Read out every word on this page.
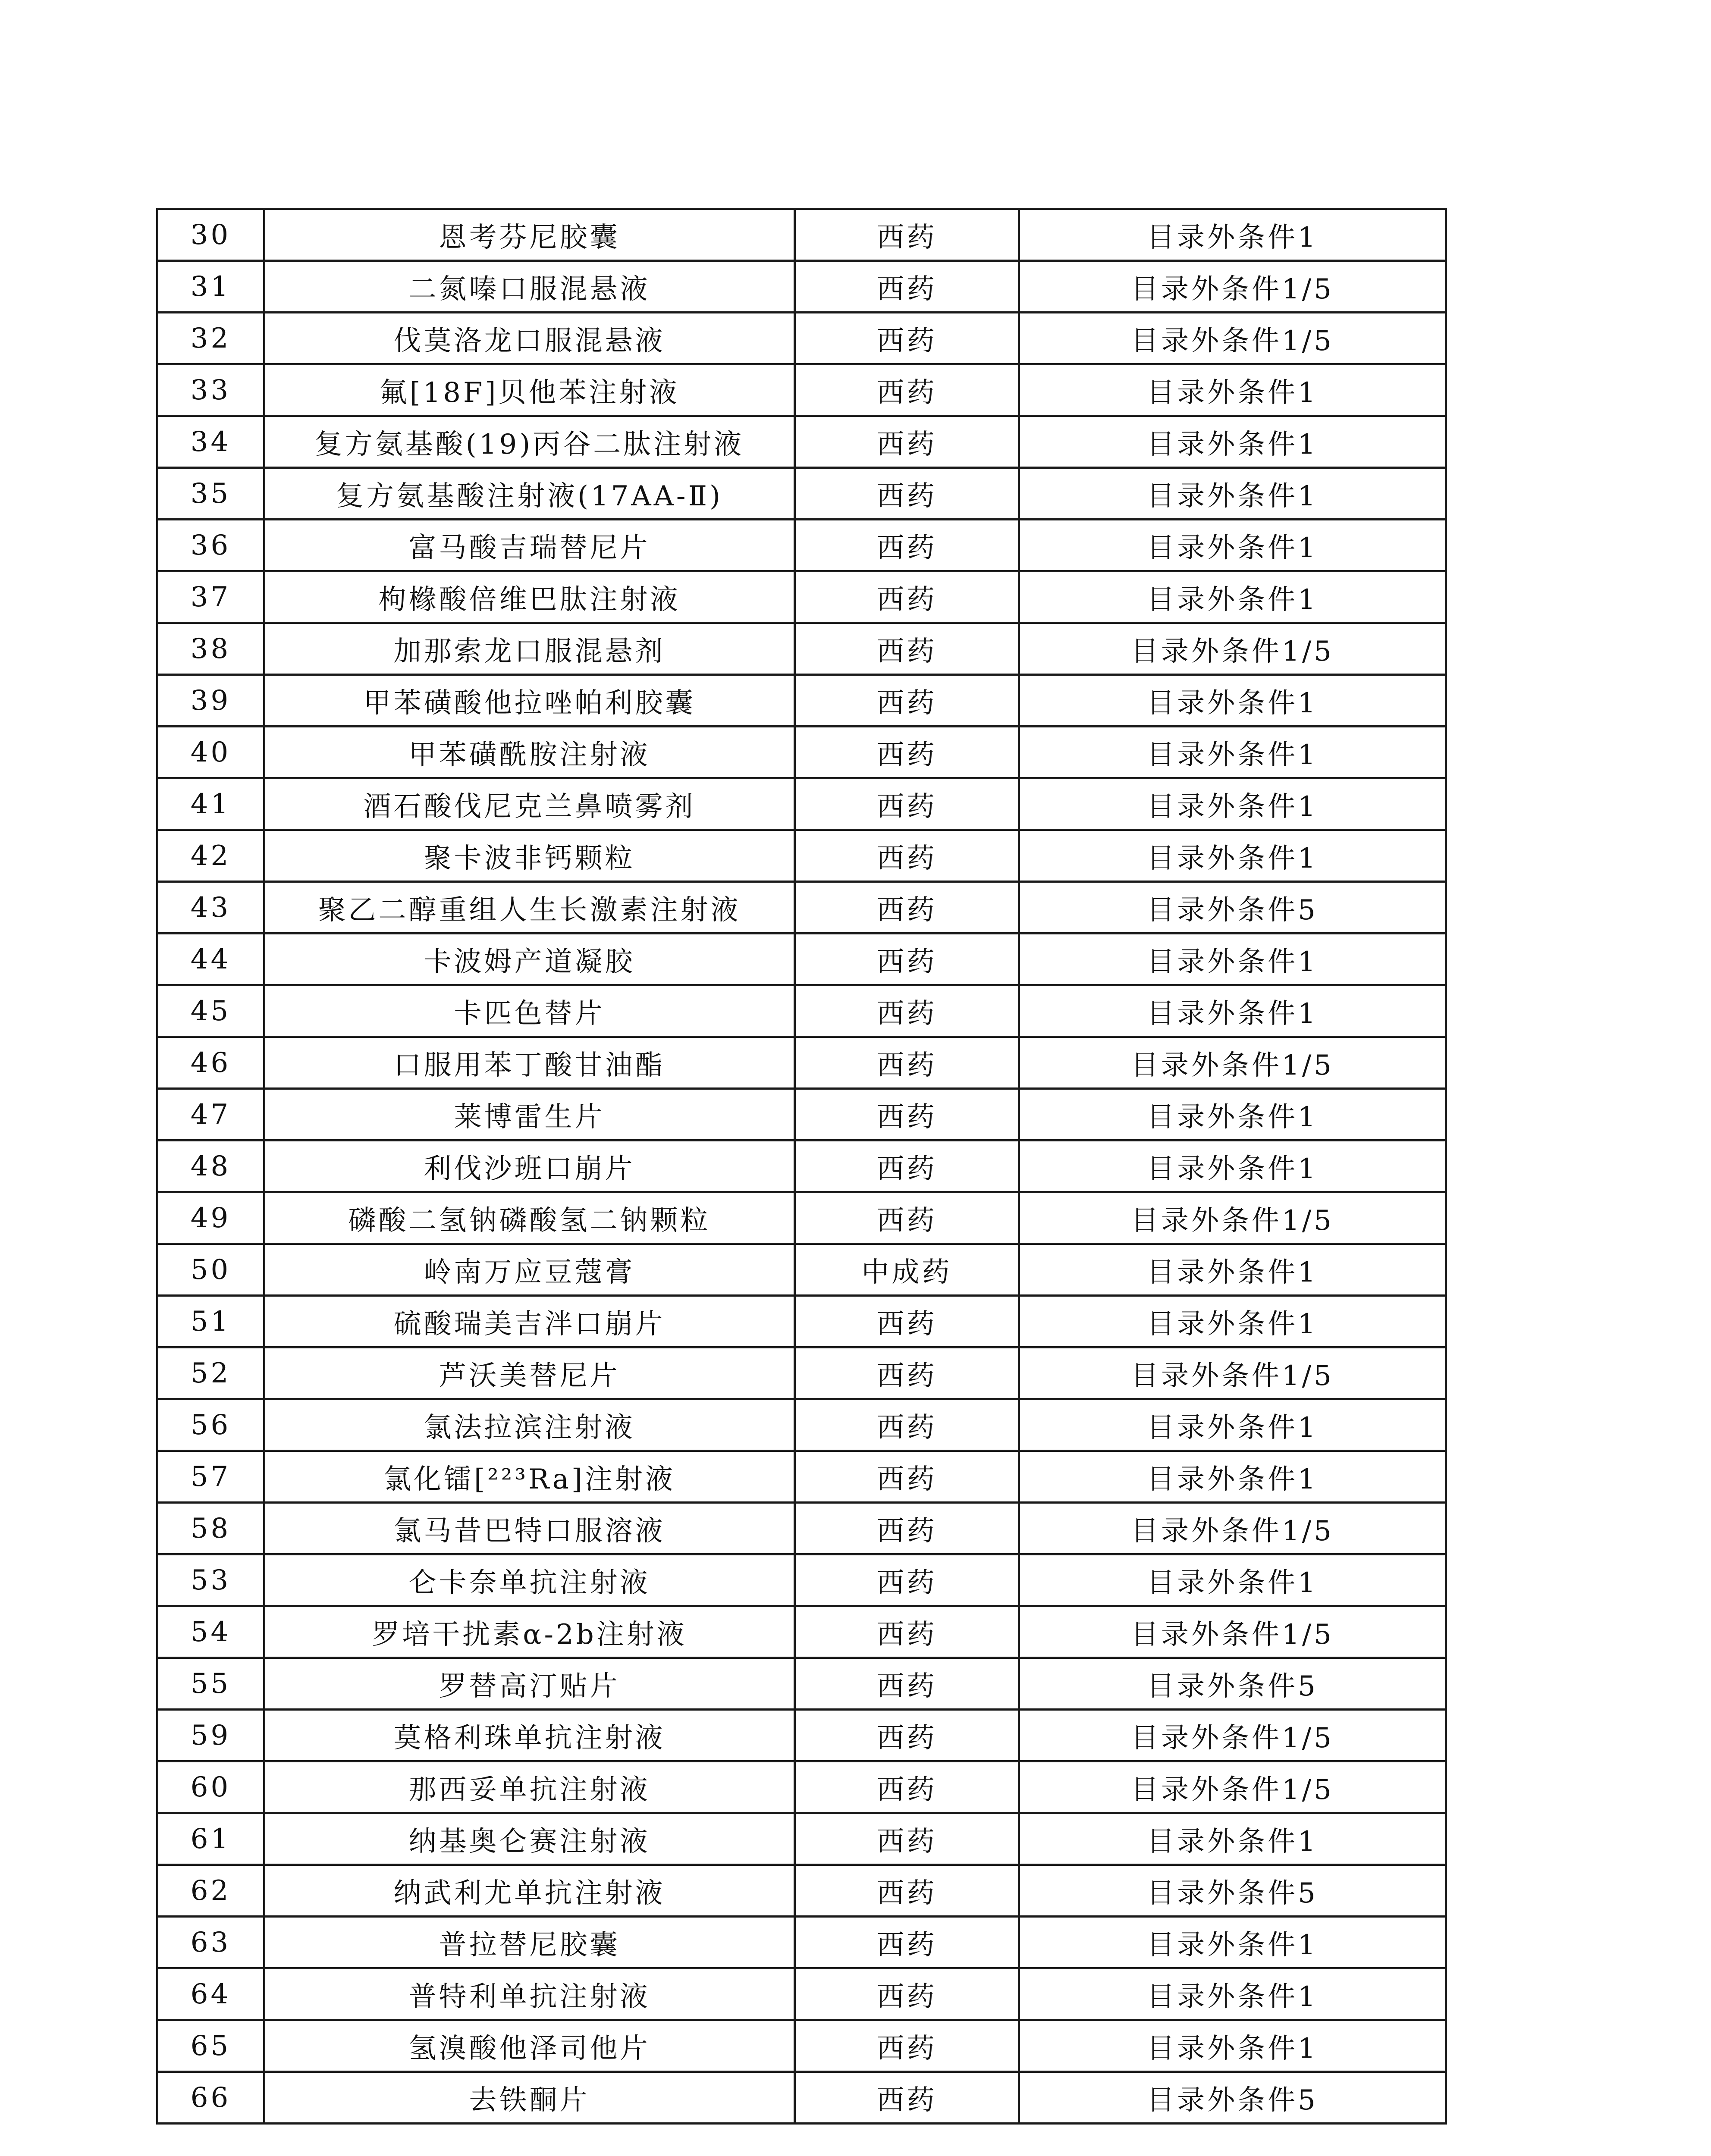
30	恩考芬尼胶囊	西药	目录外条件1
31	二氮嗪口服混悬液	西药	目录外条件1/5
32	伐莫洛龙口服混悬液	西药	目录外条件1/5
33	氟[18F]贝他苯注射液	西药	目录外条件1
34	复方氨基酸(19)丙谷二肽注射液	西药	目录外条件1
35	复方氨基酸注射液(17AA-Ⅱ)	西药	目录外条件1
36	富马酸吉瑞替尼片	西药	目录外条件1
37	枸橼酸倍维巴肽注射液	西药	目录外条件1
38	加那索龙口服混悬剂	西药	目录外条件1/5
39	甲苯磺酸他拉唑帕利胶囊	西药	目录外条件1
40	甲苯磺酰胺注射液	西药	目录外条件1
41	酒石酸伐尼克兰鼻喷雾剂	西药	目录外条件1
42	聚卡波非钙颗粒	西药	目录外条件1
43	聚乙二醇重组人生长激素注射液	西药	目录外条件5
44	卡波姆产道凝胶	西药	目录外条件1
45	卡匹色替片	西药	目录外条件1
46	口服用苯丁酸甘油酯	西药	目录外条件1/5
47	莱博雷生片	西药	目录外条件1
48	利伐沙班口崩片	西药	目录外条件1
49	磷酸二氢钠磷酸氢二钠颗粒	西药	目录外条件1/5
50	岭南万应豆蔻膏	中成药	目录外条件1
51	硫酸瑞美吉泮口崩片	西药	目录外条件1
52	芦沃美替尼片	西药	目录外条件1/5
56	氯法拉滨注射液	西药	目录外条件1
57	氯化镭[²²³Ra]注射液	西药	目录外条件1
58	氯马昔巴特口服溶液	西药	目录外条件1/5
53	仑卡奈单抗注射液	西药	目录外条件1
54	罗培干扰素α-2b注射液	西药	目录外条件1/5
55	罗替高汀贴片	西药	目录外条件5
59	莫格利珠单抗注射液	西药	目录外条件1/5
60	那西妥单抗注射液	西药	目录外条件1/5
61	纳基奥仑赛注射液	西药	目录外条件1
62	纳武利尤单抗注射液	西药	目录外条件5
63	普拉替尼胶囊	西药	目录外条件1
64	普特利单抗注射液	西药	目录外条件1
65	氢溴酸他泽司他片	西药	目录外条件1
66	去铁酮片	西药	目录外条件5
